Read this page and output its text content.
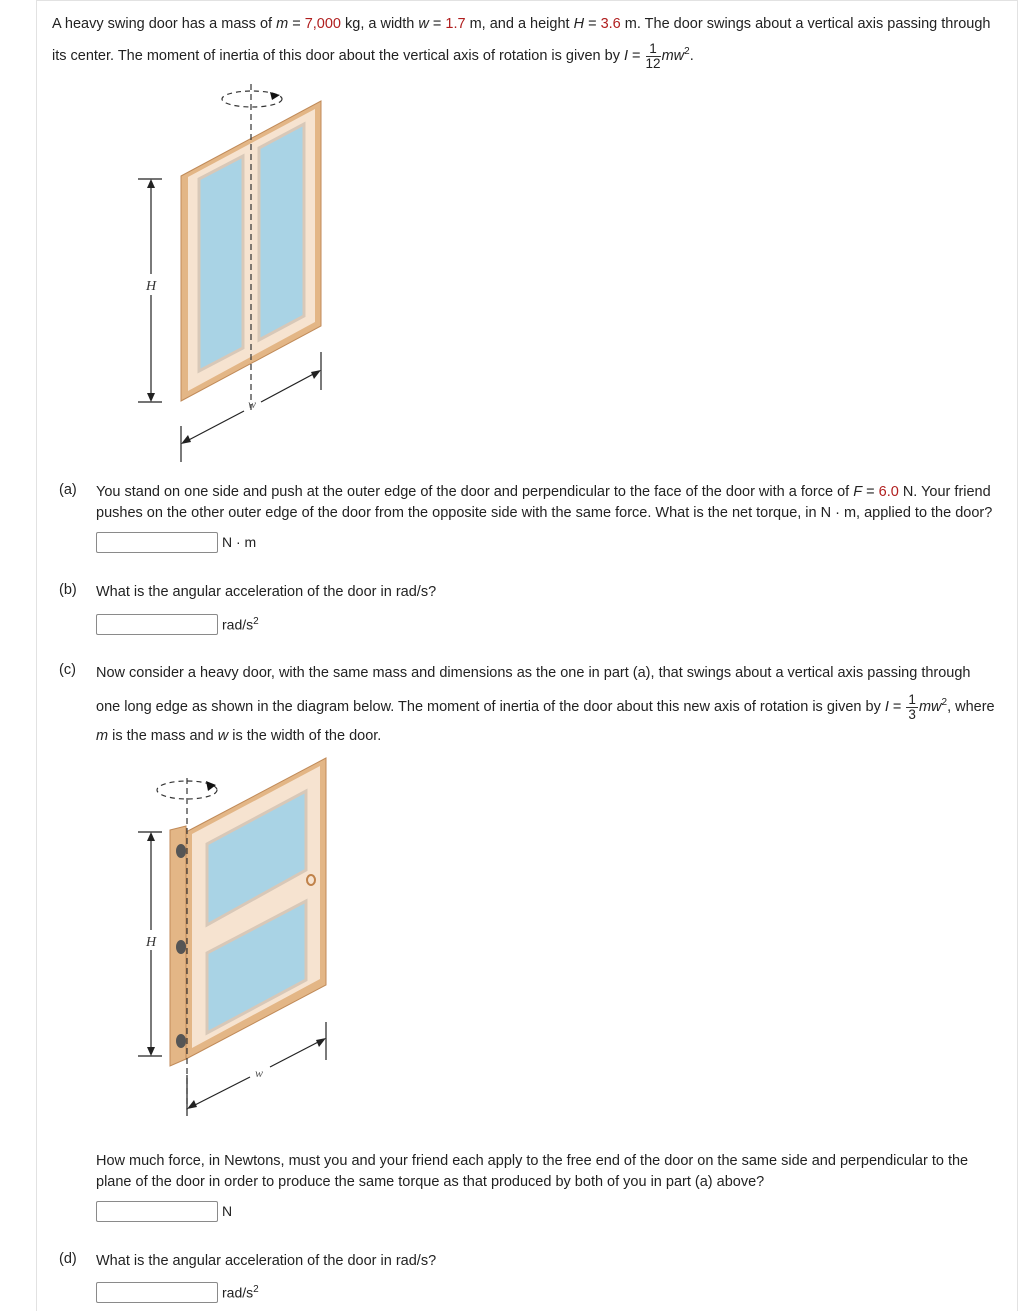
A heavy swing door has a mass of m = 7,000 kg, a width w = 1.7 m, and a height H = 3.6 m. The door swings about a vertical axis passing through its center. The moment of inertia of this door about the vertical axis of rotation is given by $I = \frac{1}{12} mw^2$.
H
w
(a) You stand on one side and push at the outer edge of the door and perpendicular to the face of the door with a force of F = 6.0 N. Your friend pushes on the other outer edge of the door from the opposite side with the same force. What is the net torque, in N · m, applied to the door?
N · m
(b) What is the angular acceleration of the door in rad/s?
rad/$s^2$
(c) Now consider a heavy door, with the same mass and dimensions as the one in part (a), that swings about a vertical axis passing through one long edge as shown in the diagram below. The moment of inertia of the door about this new axis of rotation is given by $I = \frac{1}{3} mw^2$, where m is the mass and w is the width of the door.
H
w
How much force, in Newtons, must you and your friend each apply to the free end of the door on the same side and perpendicular to the plane of the door in order to produce the same torque as that produced by both of you in part (a) above?
N
(d) What is the angular acceleration of the door in rad/s?
rad/$s^2$
